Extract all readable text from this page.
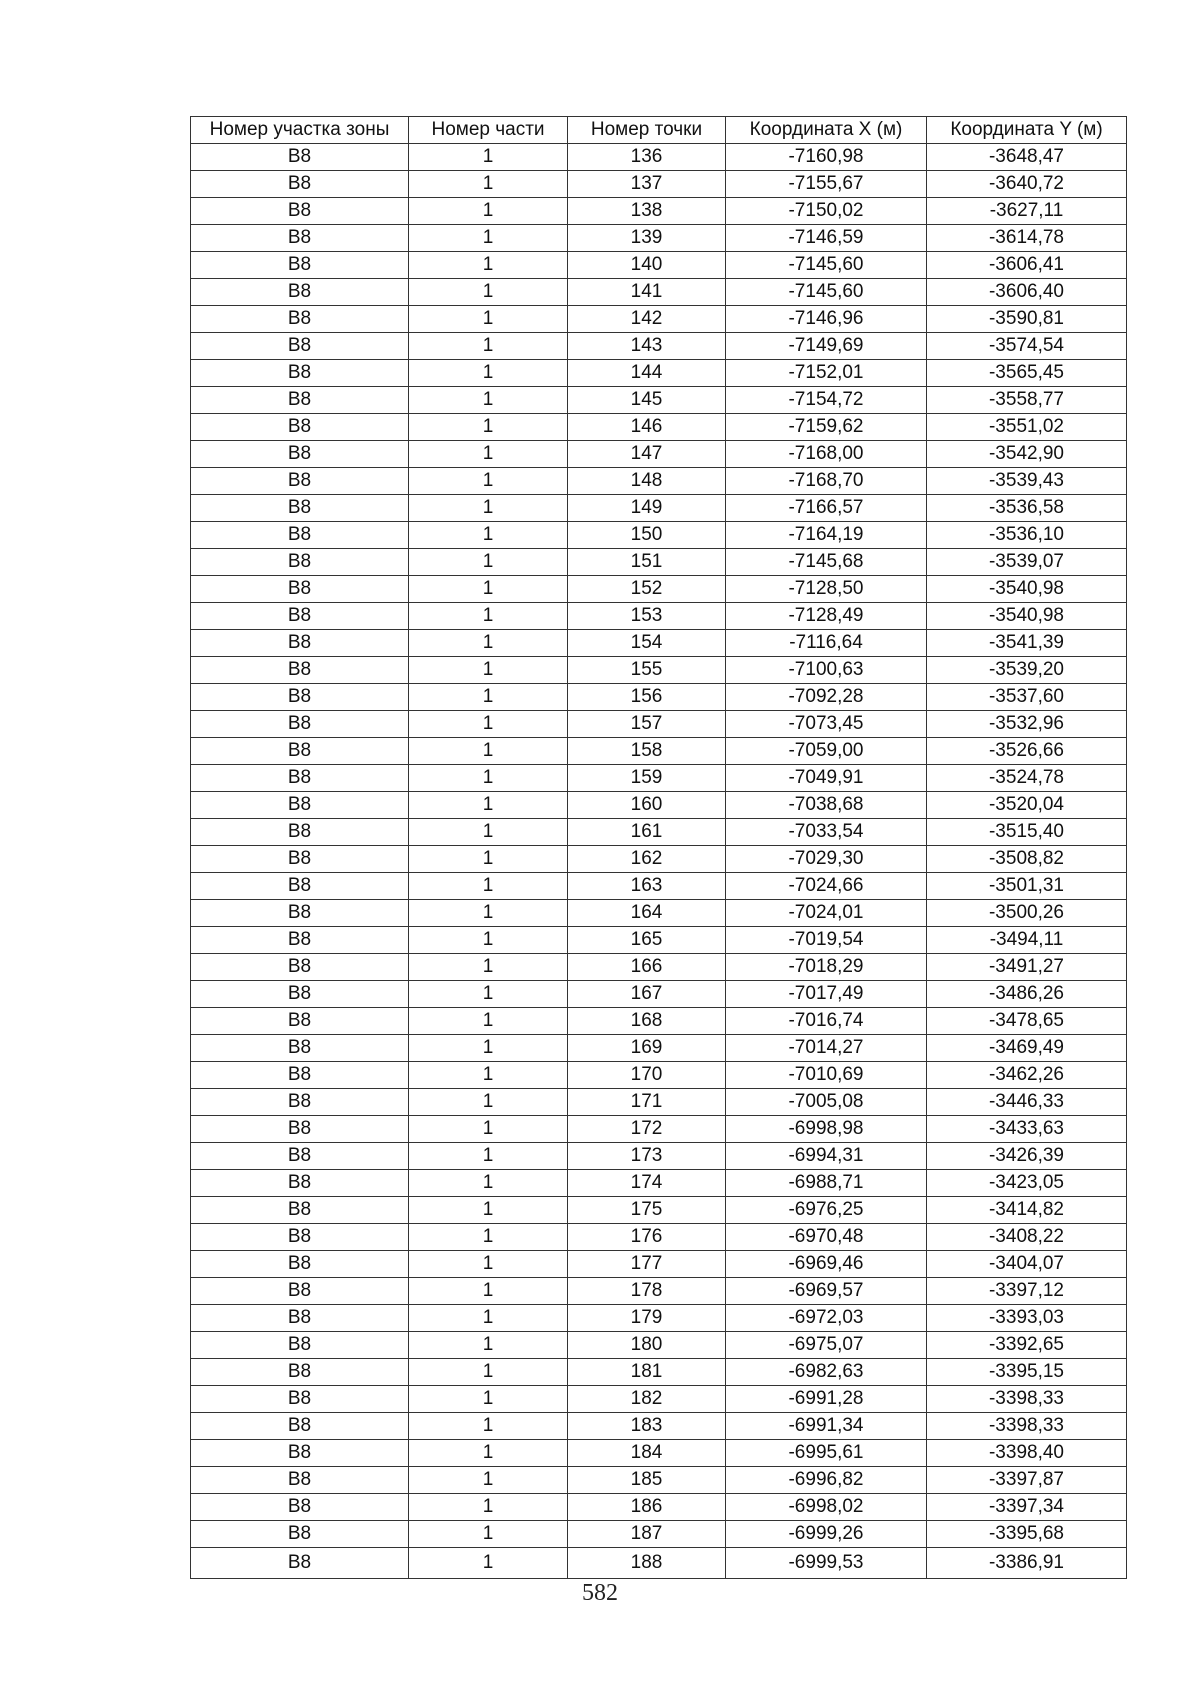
Номер участка зоны	Номер части	Номер точки	Координата X (м)	Координата Y (м)
В8	1	136	-7160,98	-3648,47
В8	1	137	-7155,67	-3640,72
В8	1	138	-7150,02	-3627,11
В8	1	139	-7146,59	-3614,78
В8	1	140	-7145,60	-3606,41
В8	1	141	-7145,60	-3606,40
В8	1	142	-7146,96	-3590,81
В8	1	143	-7149,69	-3574,54
В8	1	144	-7152,01	-3565,45
В8	1	145	-7154,72	-3558,77
В8	1	146	-7159,62	-3551,02
В8	1	147	-7168,00	-3542,90
В8	1	148	-7168,70	-3539,43
В8	1	149	-7166,57	-3536,58
В8	1	150	-7164,19	-3536,10
В8	1	151	-7145,68	-3539,07
В8	1	152	-7128,50	-3540,98
В8	1	153	-7128,49	-3540,98
В8	1	154	-7116,64	-3541,39
В8	1	155	-7100,63	-3539,20
В8	1	156	-7092,28	-3537,60
В8	1	157	-7073,45	-3532,96
В8	1	158	-7059,00	-3526,66
В8	1	159	-7049,91	-3524,78
В8	1	160	-7038,68	-3520,04
В8	1	161	-7033,54	-3515,40
В8	1	162	-7029,30	-3508,82
В8	1	163	-7024,66	-3501,31
В8	1	164	-7024,01	-3500,26
В8	1	165	-7019,54	-3494,11
В8	1	166	-7018,29	-3491,27
В8	1	167	-7017,49	-3486,26
В8	1	168	-7016,74	-3478,65
В8	1	169	-7014,27	-3469,49
В8	1	170	-7010,69	-3462,26
В8	1	171	-7005,08	-3446,33
В8	1	172	-6998,98	-3433,63
В8	1	173	-6994,31	-3426,39
В8	1	174	-6988,71	-3423,05
В8	1	175	-6976,25	-3414,82
В8	1	176	-6970,48	-3408,22
В8	1	177	-6969,46	-3404,07
В8	1	178	-6969,57	-3397,12
В8	1	179	-6972,03	-3393,03
В8	1	180	-6975,07	-3392,65
В8	1	181	-6982,63	-3395,15
В8	1	182	-6991,28	-3398,33
В8	1	183	-6991,34	-3398,33
В8	1	184	-6995,61	-3398,40
В8	1	185	-6996,82	-3397,87
В8	1	186	-6998,02	-3397,34
В8	1	187	-6999,26	-3395,68
В8	1	188	-6999,53	-3386,91
582
